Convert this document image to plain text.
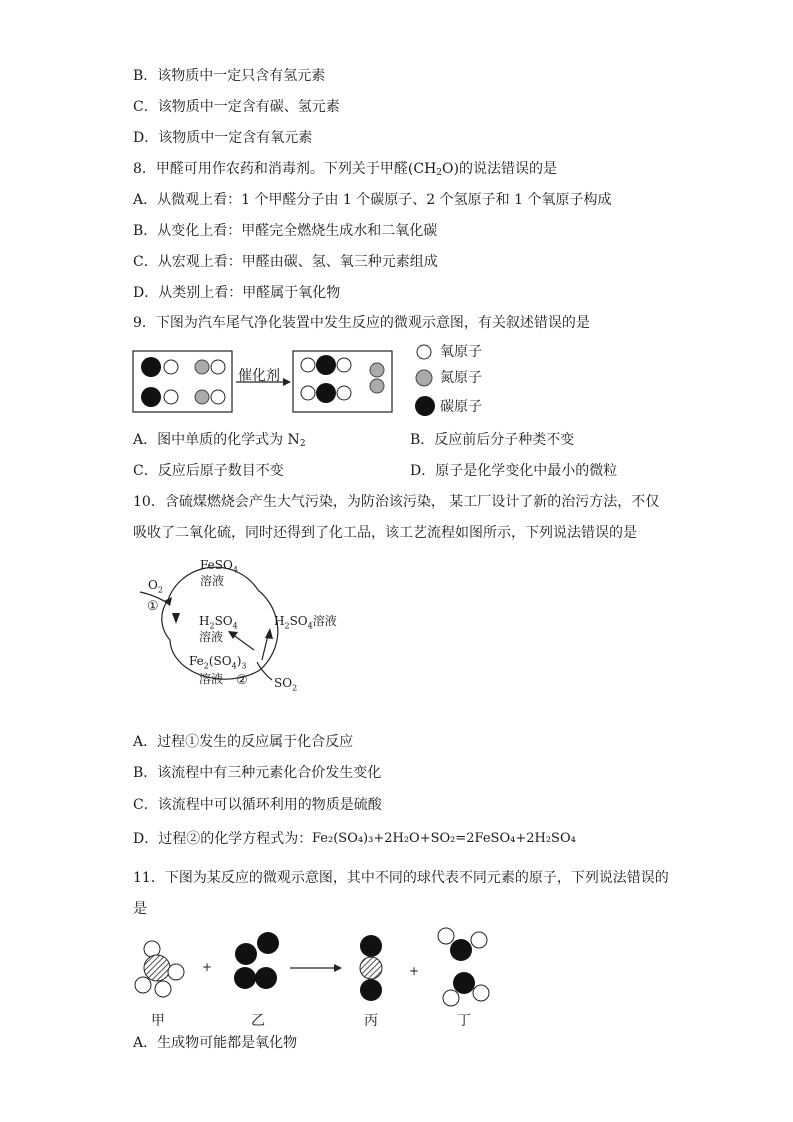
B．该物质中一定只含有氢元素
C．该物质中一定含有碳、氢元素
D．该物质中一定含有氧元素
8．甲醛可用作农药和消毒剂。下列关于甲醛$(CH_2O)$的说法错误的是
A．从微观上看：1 个甲醛分子由 1 个碳原子、2 个氢原子和 1 个氧原子构成
B．从变化上看：甲醛完全燃烧生成水和二氧化碳
C．从宏观上看：甲醛由碳、氢、氧三种元素组成
D．从类别上看：甲醛属于氧化物
9．下图为汽车尾气净化装置中发生反应的微观示意图，有关叙述错误的是
催化剂
氧原子
氮原子
碳原子
A．图中单质的化学式为 $N_2$	B．反应前后分子种类不变
C．反应后原子数目不变	D．原子是化学变化中最小的微粒
10．含硫煤燃烧会产生大气污染，为防治该污染， 某工厂设计了新的治污方法，不仅
吸收了二氧化硫，同时还得到了化工品，该工艺流程如图所示，下列说法错误的是
FeSO$_4$
溶液
$O_2$
①
$H_2SO_4$
溶液
$H_2SO_4$溶液
$Fe_2(SO_4)_3$
溶液 ② $SO_2$
A．过程①发生的反应属于化合反应
B．该流程中有三种元素化合价发生变化
C．该流程中可以循环利用的物质是硫酸
D．过程②的化学方程式为： Fe₂(SO₄)₃+2H₂O+SO₂=2FeSO₄+2H₂SO₄
11．下图为某反应的微观示意图，其中不同的球代表不同元素的原子，下列说法错误的
是
+	+
甲	乙	丙	丁
A．生成物可能都是氧化物
